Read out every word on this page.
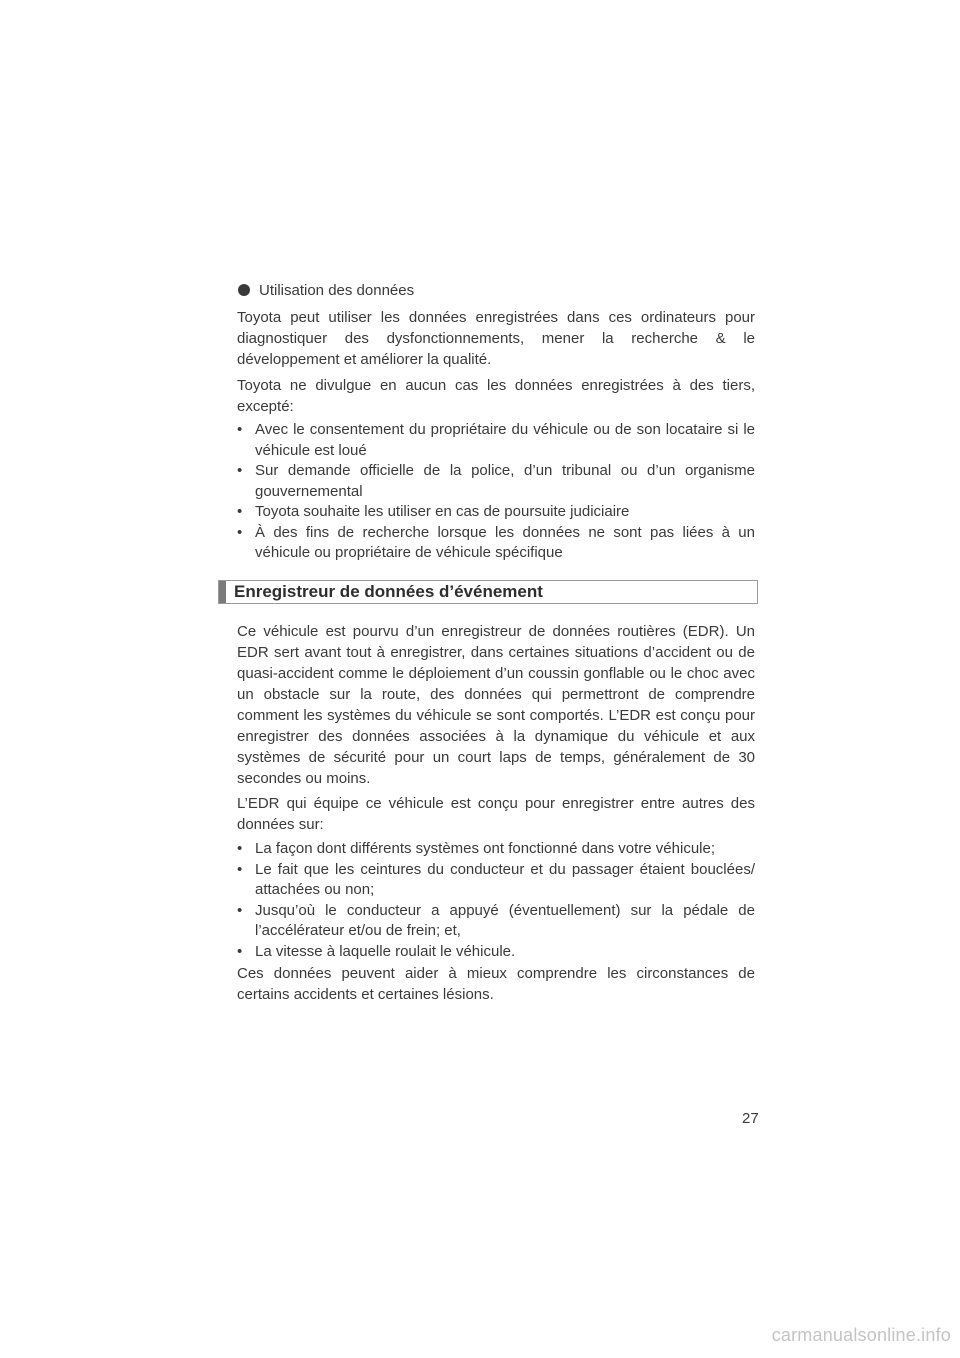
Utilisation des données

Toyota peut utiliser les données enregistrées dans ces ordinateurs pour diagnostiquer des dysfonctionnements, mener la recherche & le développement et améliorer la qualité.

Toyota ne divulgue en aucun cas les données enregistrées à des tiers, excepté:

• Avec le consentement du propriétaire du véhicule ou de son locataire si le véhicule est loué
• Sur demande officielle de la police, d’un tribunal ou d’un organisme gouvernemental
• Toyota souhaite les utiliser en cas de poursuite judiciaire
• À des fins de recherche lorsque les données ne sont pas liées à un véhicule ou propriétaire de véhicule spécifique

Ce véhicule est pourvu d’un enregistreur de données routières (EDR). Un EDR sert avant tout à enregistrer, dans certaines situations d’accident ou de quasi-accident comme le déploiement d’un coussin gonflable ou le choc avec un obstacle sur la route, des données qui permettront de comprendre comment les systèmes du véhicule se sont comportés. L’EDR est conçu pour enregistrer des données associées à la dynamique du véhicule et aux systèmes de sécurité pour un court laps de temps, généralement de 30 secondes ou moins.

L’EDR qui équipe ce véhicule est conçu pour enregistrer entre autres des données sur:

• La façon dont différents systèmes ont fonctionné dans votre véhicule;
• Le fait que les ceintures du conducteur et du passager étaient bouclées/ attachées ou non;
• Jusqu’où le conducteur a appuyé (éventuellement) sur la pédale de l’accélérateur et/ou de frein; et,
• La vitesse à laquelle roulait le véhicule.

Ces données peuvent aider à mieux comprendre les circonstances de certains accidents et certaines lésions.

Enregistreur de données d’événement
27
carmanualsonline.info
